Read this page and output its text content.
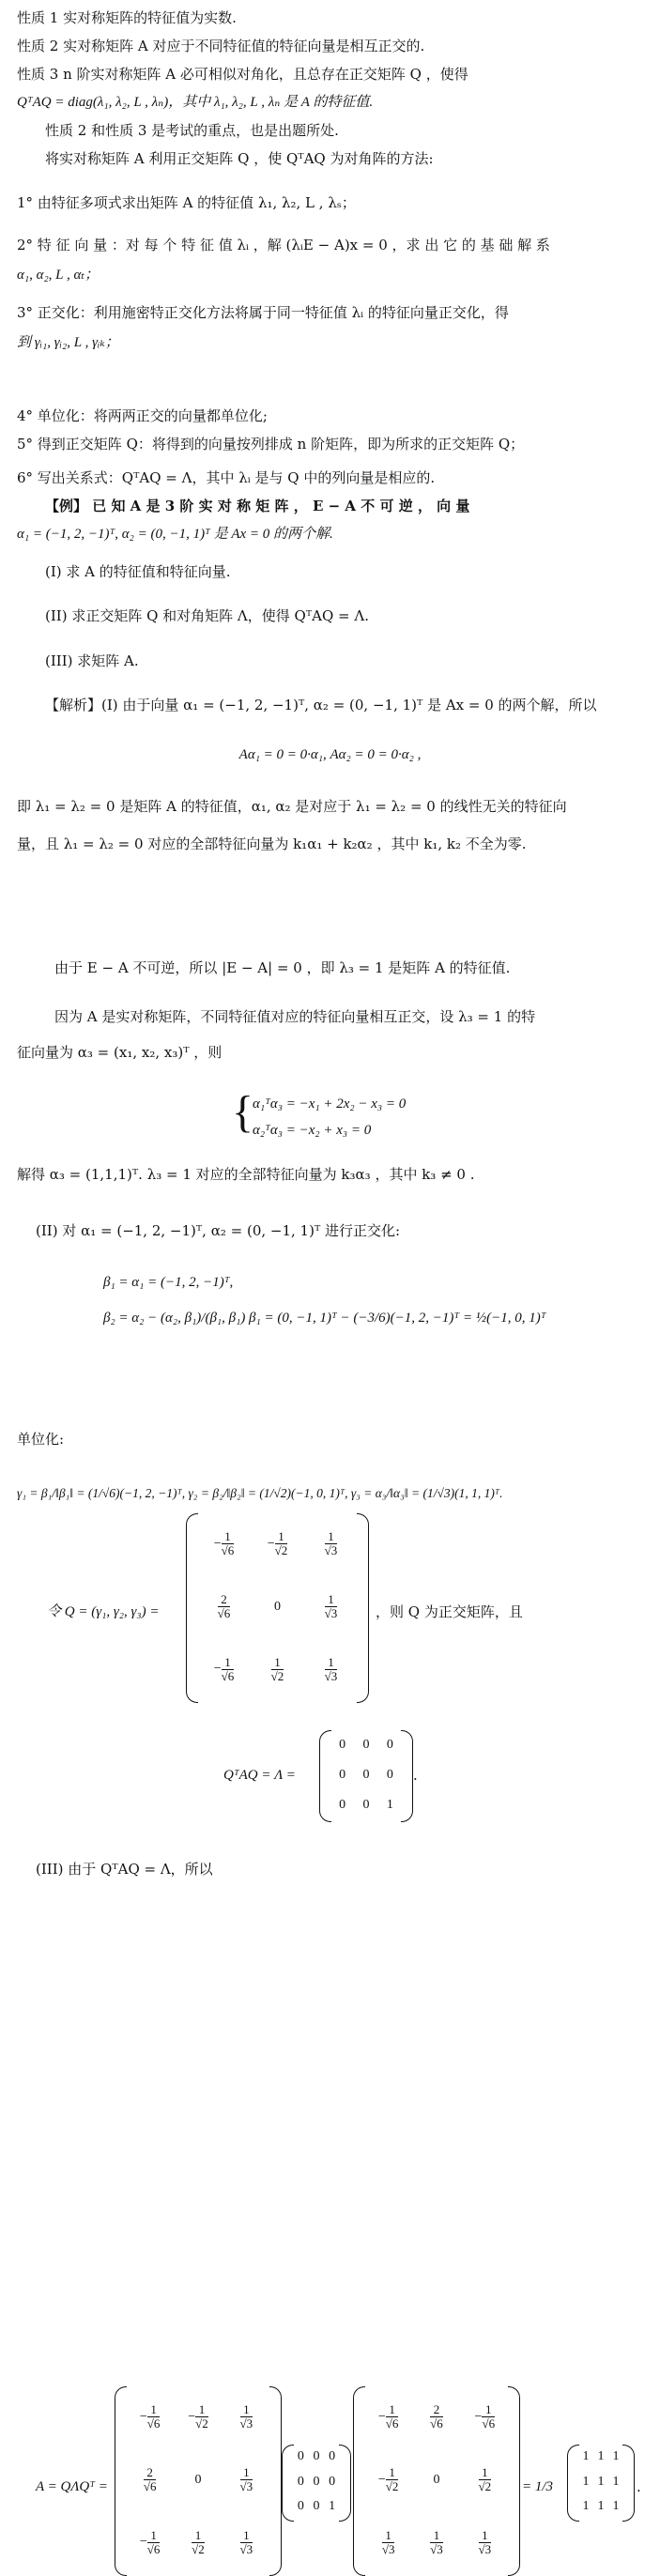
性质 1 实对称矩阵的特征值为实数.
性质 2 实对称矩阵 A 对应于不同特征值的特征向量是相互正交的.
性质 3 n 阶实对称矩阵 A 必可相似对角化，且总存在正交矩阵 Q ，使得
QᵀAQ = diag(λ₁, λ₂, L , λₙ)，其中 λ₁, λ₂, L , λₙ 是 A 的特征值.
性质 2 和性质 3 是考试的重点，也是出题所处.
将实对称矩阵 A 利用正交矩阵 Q ，使 QᵀAQ 为对角阵的方法:
1° 由特征多项式求出矩阵 A 的特征值 λ₁, λ₂, L , λₛ；
2° 特 征 向 量 ：对 每 个 特 征 值 λᵢ ，解 (λᵢE − A)x = 0 ，求 出 它 的 基 础 解 系
α₁, α₂, L , αₜ；
3° 正交化：利用施密特正交化方法将属于同一特征值 λᵢ 的特征向量正交化，得
到 γᵢ₁, γᵢ₂, L , γᵢₖ；
4° 单位化：将两两正交的向量都单位化;
5° 得到正交矩阵 Q：将得到的向量按列排成 n 阶矩阵，即为所求的正交矩阵 Q；
6° 写出关系式：QᵀAQ = Λ，其中 λᵢ 是与 Q 中的列向量是相应的.
【例】 已 知 A 是 3 阶 实 对 称 矩 阵 ， E − A 不 可 逆 ， 向 量
α₁ = (−1, 2, −1)ᵀ, α₂ = (0, −1, 1)ᵀ 是 Ax = 0 的两个解.
(I) 求 A 的特征值和特征向量.
(II) 求正交矩阵 Q 和对角矩阵 Λ，使得 QᵀAQ = Λ.
(III) 求矩阵 A.
【解析】(I) 由于向量 α₁ = (−1, 2, −1)ᵀ, α₂ = (0, −1, 1)ᵀ 是 Ax = 0 的两个解，所以
Aα₁ = 0 = 0·α₁, Aα₂ = 0 = 0·α₂ ,
即 λ₁ = λ₂ = 0 是矩阵 A 的特征值，α₁, α₂ 是对应于 λ₁ = λ₂ = 0 的线性无关的特征向
量，且 λ₁ = λ₂ = 0 对应的全部特征向量为 k₁α₁ + k₂α₂ ，其中 k₁, k₂ 不全为零.
由于 E − A 不可逆，所以 |E − A| = 0 ，即 λ₃ = 1 是矩阵 A 的特征值.
因为 A 是实对称矩阵，不同特征值对应的特征向量相互正交，设 λ₃ = 1 的特
征向量为 α₃ = (x₁, x₂, x₃)ᵀ ，则
{
α₁ᵀα₃ = −x₁ + 2x₂ − x₃ = 0
α₂ᵀα₃ = −x₂ + x₃ = 0
解得 α₃ = (1,1,1)ᵀ. λ₃ = 1 对应的全部特征向量为 k₃α₃ ，其中 k₃ ≠ 0 .
(II) 对 α₁ = (−1, 2, −1)ᵀ, α₂ = (0, −1, 1)ᵀ 进行正交化:
β₁ = α₁ = (−1, 2, −1)ᵀ,
β₂ = α₂ − (α₂, β₁)/(β₁, β₁) β₁ = (0, −1, 1)ᵀ − (−3/6)(−1, 2, −1)ᵀ = ½(−1, 0, 1)ᵀ
单位化:
γ₁ = β₁/‖β₁‖ = (1/√6)(−1, 2, −1)ᵀ, γ₂ = β₂/‖β₂‖ = (1/√2)(−1, 0, 1)ᵀ, γ₃ = α₃/‖α₃‖ = (1/√3)(1, 1, 1)ᵀ.
令 Q = (γ₁, γ₂, γ₃) =
− $\frac{1}{√6}$	− $\frac{1}{√2}$	$\frac{1}{√3}$
$\frac{2}{√6}$	0	$\frac{1}{√3}$
− $\frac{1}{√6}$	$\frac{1}{√2}$	$\frac{1}{√3}$
，则 Q 为正交矩阵，且
QᵀAQ = Λ =
0	0	0
0	0	0
0	0	1
.
(III) 由于 QᵀAQ = Λ，所以
A = QΛQᵀ =
− $\frac{1}{√6}$	− $\frac{1}{√2}$	$\frac{1}{√3}$
$\frac{2}{√6}$	0	$\frac{1}{√3}$
− $\frac{1}{√6}$	$\frac{1}{√2}$	$\frac{1}{√3}$
0 0 0
0 0 0
0 0 1
− $\frac{1}{√6}$	$\frac{2}{√6}$	− $\frac{1}{√6}$
− $\frac{1}{√2}$	0	$\frac{1}{√2}$
$\frac{1}{√3}$	$\frac{1}{√3}$	$\frac{1}{√3}$
= 1/3
1 1 1
1 1 1
1 1 1
.
